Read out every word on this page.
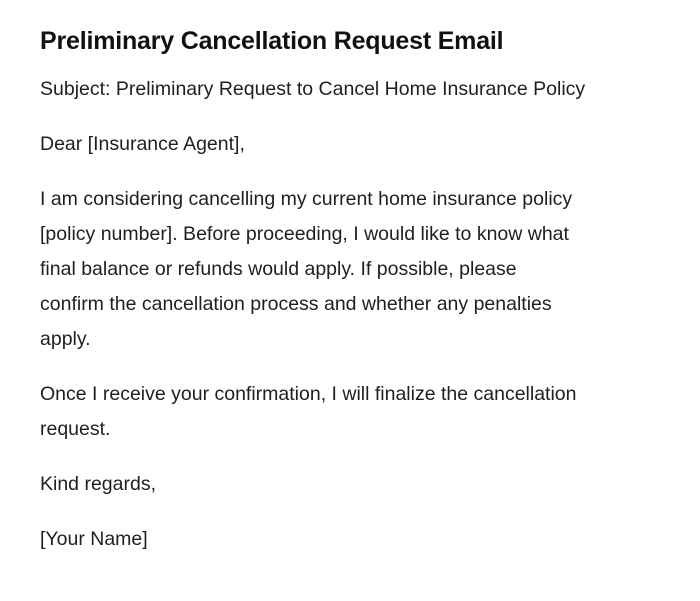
Preliminary Cancellation Request Email

Subject: Preliminary Request to Cancel Home Insurance Policy

Dear [Insurance Agent],

I am considering cancelling my current home insurance policy
[policy number]. Before proceeding, I would like to know what
final balance or refunds would apply. If possible, please
confirm the cancellation process and whether any penalties
apply.

Once I receive your confirmation, I will finalize the cancellation
request.

Kind regards,

[Your Name]
